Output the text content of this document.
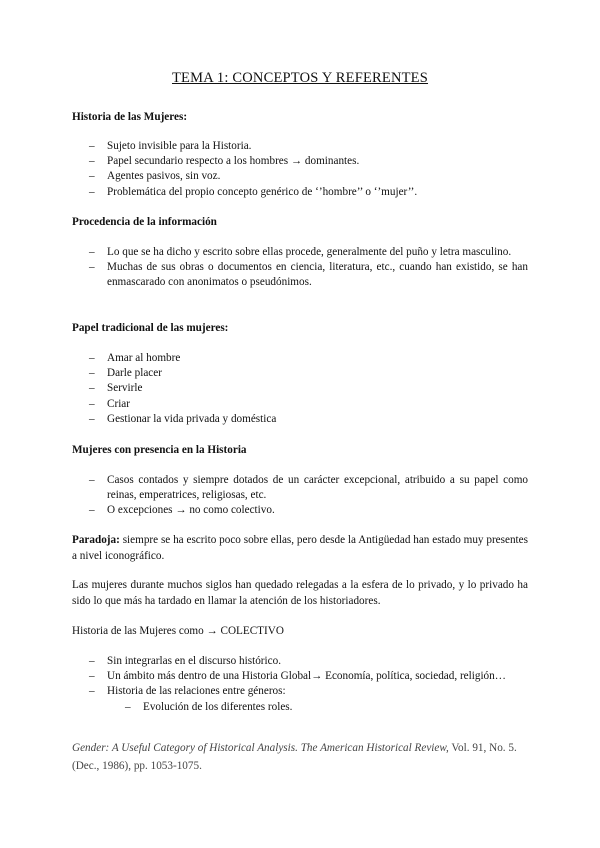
TEMA 1: CONCEPTOS Y REFERENTES
Historia de las Mujeres:
– Sujeto invisible para la Historia.
– Papel secundario respecto a los hombres → dominantes.
– Agentes pasivos, sin voz.
– Problemática del propio concepto genérico de ‘’hombre’’ o ‘’mujer’’.
Procedencia de la información
– Lo que se ha dicho y escrito sobre ellas procede, generalmente del puño y letra masculino.
– Muchas de sus obras o documentos en ciencia, literatura, etc., cuando han existido, se han enmascarado con anonimatos o pseudónimos.
Papel tradicional de las mujeres:
– Amar al hombre
– Darle placer
– Servirle
– Criar
– Gestionar la vida privada y doméstica
Mujeres con presencia en la Historia
– Casos contados y siempre dotados de un carácter excepcional, atribuido a su papel como reinas, emperatrices, religiosas, etc.
– O excepciones → no como colectivo.
Paradoja: siempre se ha escrito poco sobre ellas, pero desde la Antigüedad han estado muy presentes a nivel iconográfico.
Las mujeres durante muchos siglos han quedado relegadas a la esfera de lo privado, y lo privado ha sido lo que más ha tardado en llamar la atención de los historiadores.
Historia de las Mujeres como → COLECTIVO
– Sin integrarlas en el discurso histórico.
– Un ámbito más dentro de una Historia Global→ Economía, política, sociedad, religión…
– Historia de las relaciones entre géneros:
– Evolución de los diferentes roles.
Gender: A Useful Category of Historical Analysis. The American Historical Review, Vol. 91, No. 5. (Dec., 1986), pp. 1053-1075.
